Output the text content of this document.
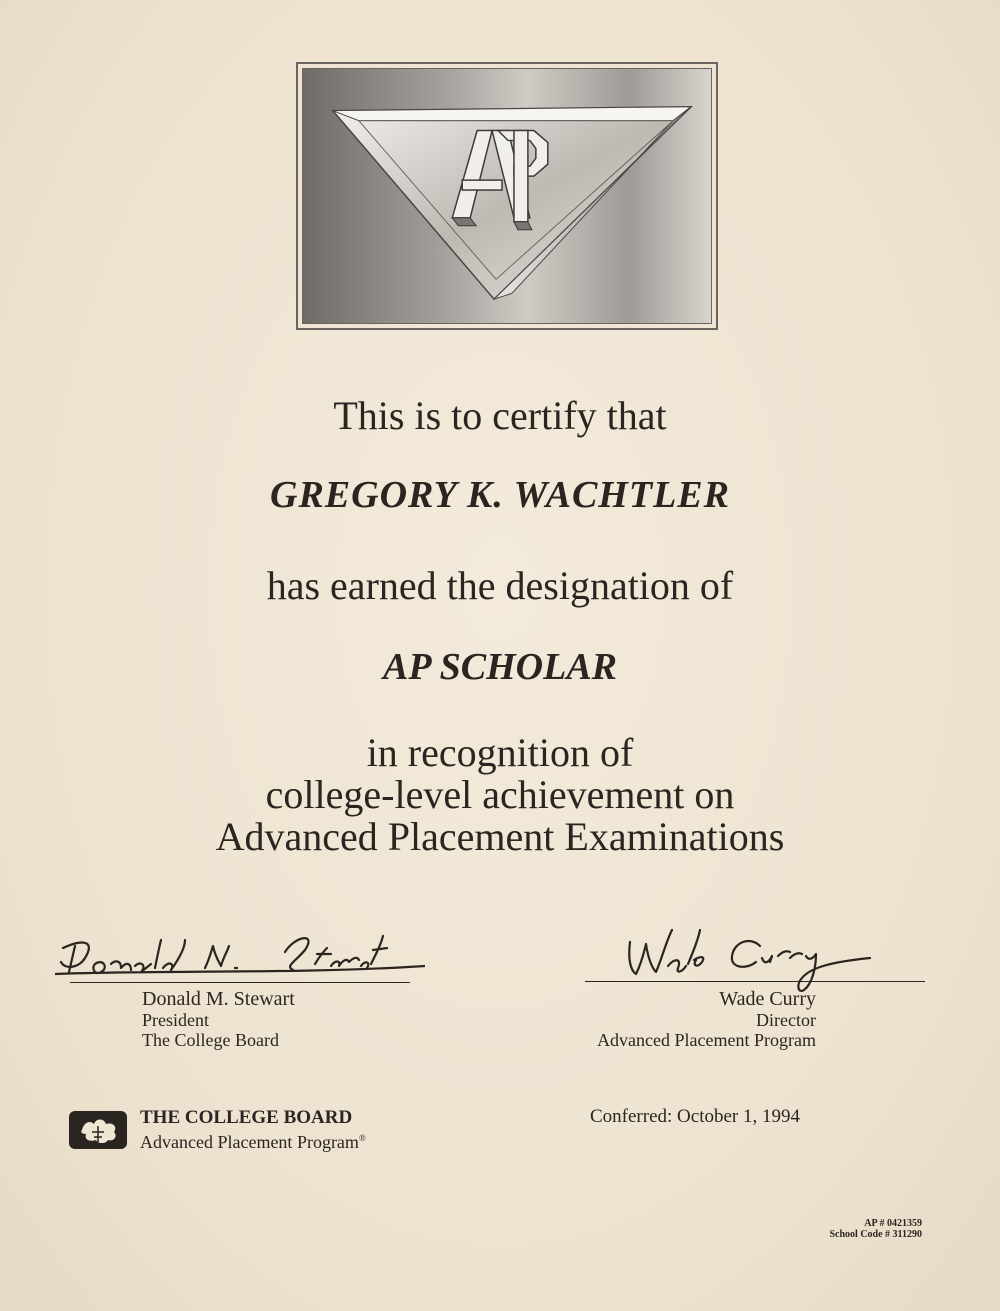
This is to certify that
GREGORY K. WACHTLER
has earned the designation of
AP SCHOLAR
in recognition of
college-level achievement on
Advanced Placement Examinations
Donald M. Stewart
President
The College Board
Wade Curry
Director
Advanced Placement Program
THE COLLEGE BOARD
Advanced Placement Program®
Conferred: October 1, 1994
AP # 0421359
School Code # 311290
